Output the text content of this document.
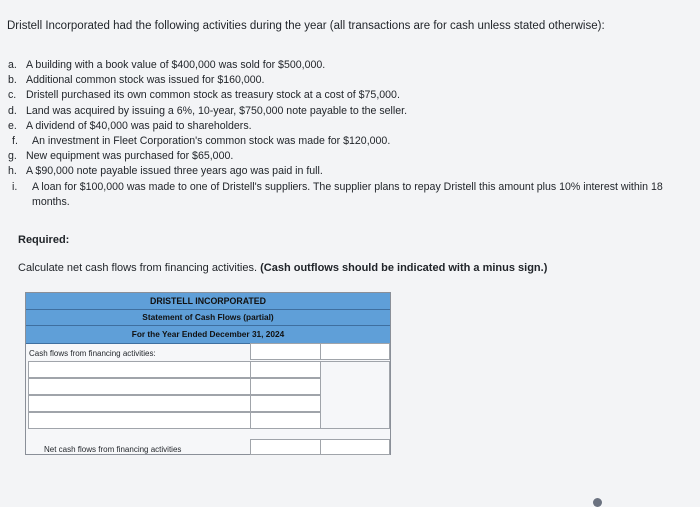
Dristell Incorporated had the following activities during the year (all transactions are for cash unless stated otherwise):
a. A building with a book value of $400,000 was sold for $500,000.
b. Additional common stock was issued for $160,000.
c. Dristell purchased its own common stock as treasury stock at a cost of $75,000.
d. Land was acquired by issuing a 6%, 10-year, $750,000 note payable to the seller.
e. A dividend of $40,000 was paid to shareholders.
f. An investment in Fleet Corporation's common stock was made for $120,000.
g. New equipment was purchased for $65,000.
h. A $90,000 note payable issued three years ago was paid in full.
i. A loan for $100,000 was made to one of Dristell's suppliers. The supplier plans to repay Dristell this amount plus 10% interest within 18 months.
Required:
Calculate net cash flows from financing activities. (Cash outflows should be indicated with a minus sign.)
DRISTELL INCORPORATED
Statement of Cash Flows (partial)
For the Year Ended December 31, 2024
Cash flows from financing activities:
Net cash flows from financing activities
